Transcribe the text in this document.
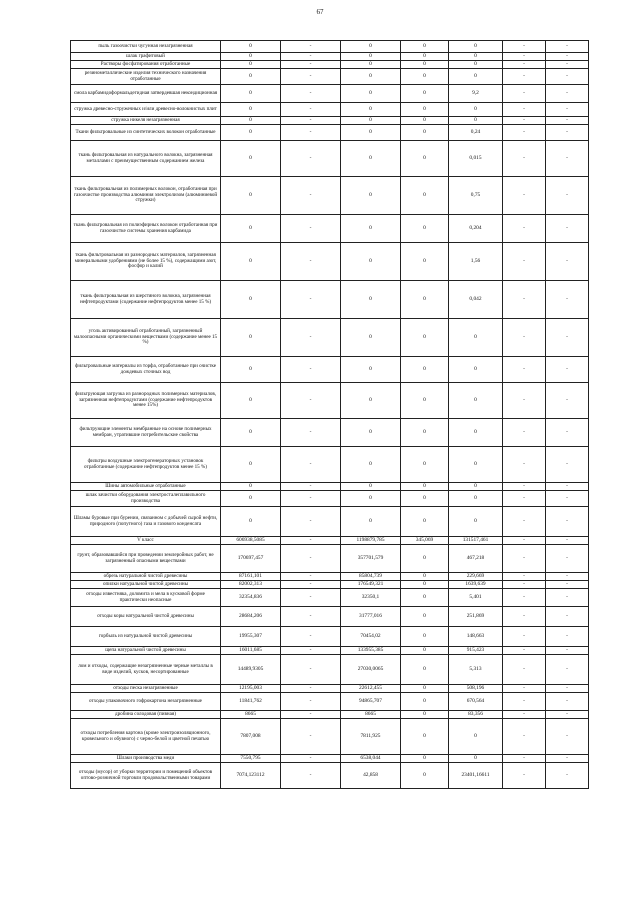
67
пыль газоочистки чугунная незагрязненная	0	-	0	0	0	-	-
шлак графитовый	0	-	0	0	0	-	-
Растворы фосфатирования отработанные	0	-	0	0	0	-	-
резинометаллические изделия технического назначения отработанные	0	-	0	0	0	-	-
смола карбамидоформальдегидная затвердевшая некондиционная	0	-	0	0	9,2	-	-
стружка древесно-стружечных и/или древесно-волокнистых плит	0	-	0	0	0	-	-
стружка никеля незагрязненная	0	-	0	0	0	-	-
Ткани фильтровальные из синтетических волокон отработанные	0	-	0	0	0,24	-	-
ткань фильтровальная из натурального волокна, загрязненная металлами с преимущественным содержанием железа	0	-	0	0	0,015	-	-
ткань фильтровальная из полимерных волокон, отработанная при газоочистке производства алюминия электролизом (алюминиевой стружки)	0	-	0	0	0,75	-	-
ткань фильтровальная из полиэфирных волокон отработанная при газоочистке системы хранения карбамида	0	-	0	0	0,204	-	-
ткань фильтровальная из разнородных материалов, загрязненная минеральными удобрениями (не более 15 %), содержащими азот, фосфор и калий	0	-	0	0	1,56	-	-
ткань фильтровальная из шерстяного волокна, загрязненная нефтепродуктами (содержание нефтепродуктов менее 15 %)	0	-	0	0	0,042	-	-
уголь активированный отработанный, загрязненный малоопасными органическими веществами (содержание менее 15 %)	0	-	0	0	0	-	-
фильтровальные материалы из торфа, отработанные при очистке дождевых сточных вод	0	-	0	0	0	-	-
фильтрующая загрузка из разнородных полимерных материалов, загрязненная нефтепродуктами (содержание нефтепродуктов менее 15%)	0	-	0	0	0	-	-
фильтрующие элементы мембранные на основе полимерных мембран, утратившие потребительские свойства	0	-	0	0	0	-	-
фильтры воздушные электрогенераторных установок отработанные (содержание нефтепродуктов менее 15 %)	0	-	0	0	0	-	-
Шины автомобильные отработанные	0	-	0	0	0	-	-
шлак зачистки оборудования электросталеплавильного производства	0	-	0	0	0	-	-
Шламы буровые при бурении, связанном с добычей сырой нефти, природного (попутного) газа и газового конденсата	0	-	0	0	0	-	-
V класс	606938,5085	-	1198879,785	345,069	131517,461	-	-
грунт, образовавшийся при проведении землеройных работ, не загрязненный опасными веществами	170697,457	-	357701,579	0	467,218	-	-
обрезь натуральной чистой древесины	87161,101	-	85804,739	0	229,669	-	-
опилки натуральной чистой древесины	82002,313	-	176549,321	0	1639,639	-	-
отходы известняка, доломита и мела в кусковой форме практически неопасные	32354,836	-	32350,1	0	5,401	-	-
отходы коры натуральной чистой древесины	28684,206	-	31777,016	0	251,869	-	-
горбыль из натуральной чистой древесины	19955,307	-	70454,02	0	148,663	-	-
щепа натуральной чистой древесины	16011,685	-	133955,385	0	915,423	-	-
лом и отходы, содержащие незагрязненные черные металлы в виде изделий, кусков, несортированные	14489,9305	-	27030,0065	0	5,313	-	-
отходы песка незагрязненные	12195,003	-	22612,455	0	508,196	-	-
отходы упаковочного гофрокартона незагрязненные	11841,762	-	94865,707	0	670,564	-	-
дробина солодовая (пивная)	8665	-	8665	0	83,356	-	-
отходы потребления картона (кроме электроизоляционного, кровельного и обувного) с черно-белой и цветной печатью	7807,008	-	7811,925	0	0	-	-
Шлаки производства меди	7550,795	-	6538,044	0	0	-	-
отходы (мусор) от уборки территории и помещений объектов оптово-розничной торговли продовольственными товарами	7074,123112	-	42,858	0	23401,16611	-	-
